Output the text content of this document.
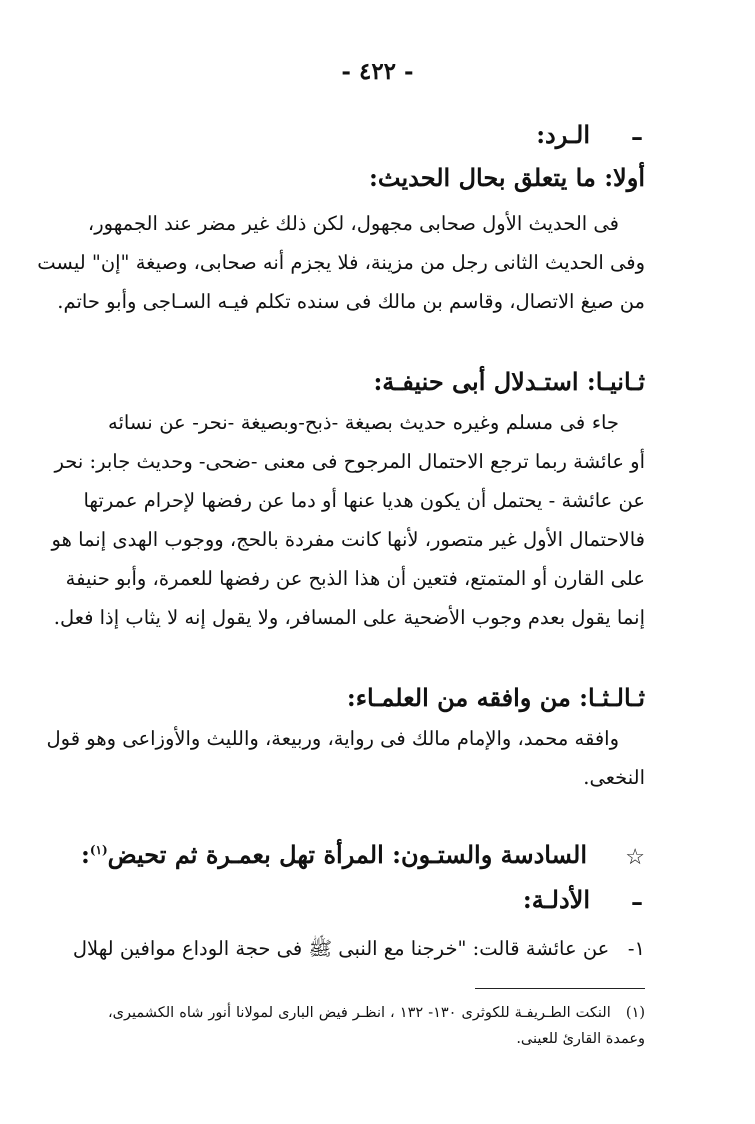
- ٤٢٢ -
–
الـرد:
أولا: ما يتعلق بحال الحديث:
فى الحديث الأول صحابى مجهول، لكن ذلك غير مضر عند الجمهور،
وفى الحديث الثانى رجل من مزينة، فلا يجزم أنه صحابى، وصيغة "إن" ليست
من صيغ الاتصال، وقاسم بن مالك فى سنده تكلم فيـه السـاجى وأبو حاتم.
ثـانيـا: استـدلال أبى حنيفـة:
جاء فى مسلم وغيره حديث بصيغة -ذبح-وبصيغة -نحر- عن نسائه
أو عائشة ربما ترجع الاحتمال المرجوح فى معنى -ضحى- وحديث جابر: نحر
عن عائشة - يحتمل أن يكون هديا عنها أو دما عن رفضها لإحرام عمرتها
فالاحتمال الأول غير متصور، لأنها كانت مفردة بالحج، ووجوب الهدى إنما هو
على القارن أو المتمتع، فتعين أن هذا الذبح عن رفضها للعمرة، وأبو حنيفة
إنما يقول بعدم وجوب الأضحية على المسافر، ولا يقول إنه لا يثاب إذا فعل.
ثـالـثـا: من وافقه من العلمـاء:
وافقه محمد، والإمام مالك فى رواية، وربيعة، والليث والأوزاعى وهو قول
النخعى.
☆
السادسة والستـون: المرأة تهل بعمـرة ثم تحيض$^{(١)}$:
–
الأدلـة:
١-   عن عائشة قالت: "خرجنا مع النبى ﷺ فى حجة الوداع موافين لهلال
(١)   النكت الطـريفـة للكوثرى ١٣٠- ١٣٢ ، انظـر فيض البارى لمولانا أنور شاه الكشميرى، وعمدة القارئ للعينى.
